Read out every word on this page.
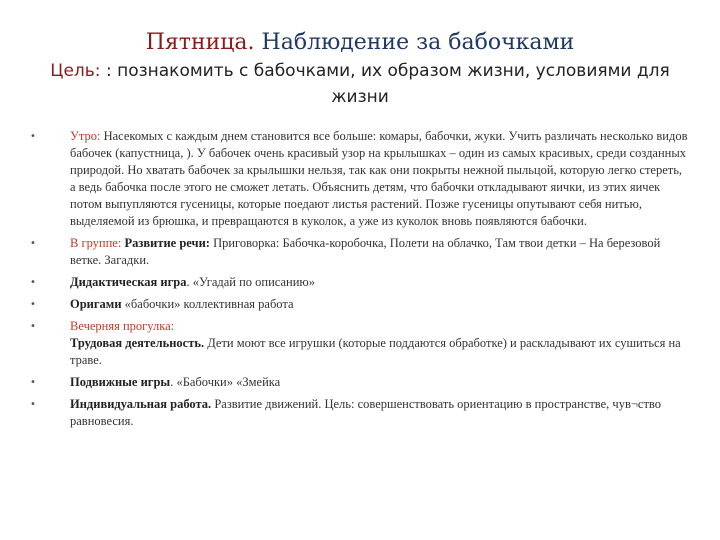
Пятница. Наблюдение за бабочками
Цель: : познакомить с бабочками, их образом жизни, условиями для жизни
•	Утро: Насекомых с каждым днем становится все больше: комары, бабочки, жуки. Учить различать несколько видов бабочек (капустница, ). У бабочек очень красивый узор на крылышках – один из самых красивых, среди созданных природой. Но хватать бабочек за крылышки нельзя, так как они покрыты нежной пыльцой, которую легко стереть, а ведь бабочка после этого не сможет летать. Объяснить детям, что бабочки откладывают яички, из этих яичек потом выпупляются гусеницы, которые поедают листья растений. Позже гусеницы опутывают себя нитью, выделяемой из брюшка, и превращаются в куколок, а уже из куколок вновь появляются бабочки.
•	В группе: Развитие речи: Приговорка: Бабочка-коробочка, Полети на облачко, Там твои детки – На березовой ветке. Загадки.
•	Дидактическая игра. «Угадай по описанию»
•	Оригами «бабочки» коллективная работа
•	Вечерняя прогулка:
Трудовая деятельность. Дети моют все игрушки (которые поддаются обработке) и раскладывают их сушиться на траве.
•	Подвижные игры. «Бабочки» «Змейка
•	Индивидуальная работа. Развитие движений. Цель: совершенствовать ориентацию в пространстве, чув¬ство равновесия.
